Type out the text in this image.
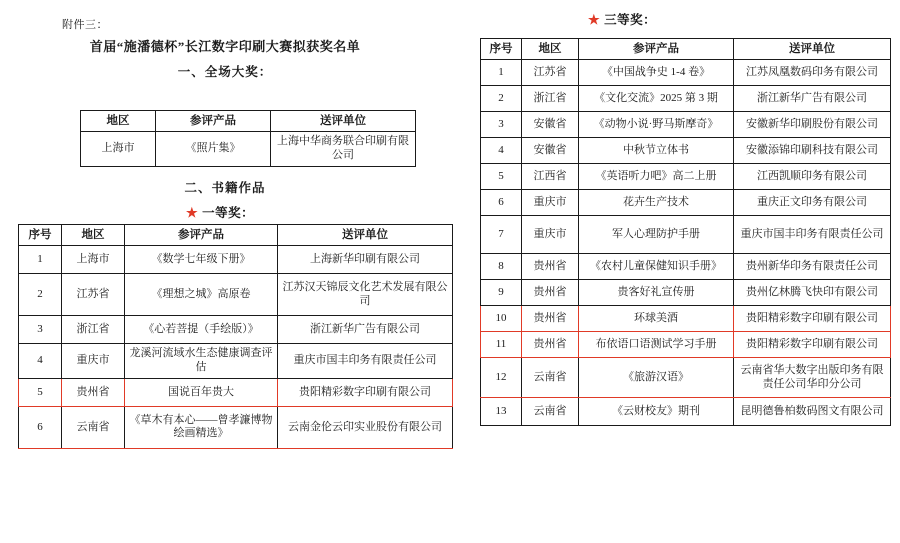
附件三：
首届“施潘德杯”长江数字印刷大赛拟获奖名单
一、全场大奖：
地区	参评产品	送评单位
上海市	《照片集》	上海中华商务联合印刷有限公司
二、书籍作品
★ 一等奖：
序号	地区	参评产品	送评单位
1	上海市	《数学七年级下册》	上海新华印刷有限公司
2	江苏省	《理想之城》高原卷	江苏汉天锦辰文化艺术发展有限公司
3	浙江省	《心若菩提（手绘版）》	浙江新华广告有限公司
4	重庆市	龙溪河流域水生态健康调查评估	重庆市国丰印务有限责任公司
5	贵州省	国说百年贵大	贵阳精彩数字印刷有限公司
6	云南省	《草木有本心——曾孝濂博物绘画精选》	云南金伦云印实业股份有限公司
★ 三等奖：
序号	地区	参评产品	送评单位
1	江苏省	《中国战争史 1-4 卷》	江苏凤凰数码印务有限公司
2	浙江省	《文化交流》2025 第 3 期	浙江新华广告有限公司
3	安徽省	《动物小说·野马斯摩奇》	安徽新华印刷股份有限公司
4	安徽省	中秋节立体书	安徽添锦印刷科技有限公司
5	江西省	《英语听力吧》高二上册	江西凯顺印务有限公司
6	重庆市	花卉生产技术	重庆正文印务有限公司
7	重庆市	军人心理防护手册	重庆市国丰印务有限责任公司
8	贵州省	《农村儿童保健知识手册》	贵州新华印务有限责任公司
9	贵州省	贵客好礼宣传册	贵州亿林腾飞快印有限公司
10	贵州省	环球美酒	贵阳精彩数字印刷有限公司
11	贵州省	布依语口语测试学习手册	贵阳精彩数字印刷有限公司
12	云南省	《旅游汉语》	云南省华大数字出版印务有限责任公司华印分公司
13	云南省	《云财校友》期刊	昆明德鲁柏数码图文有限公司
